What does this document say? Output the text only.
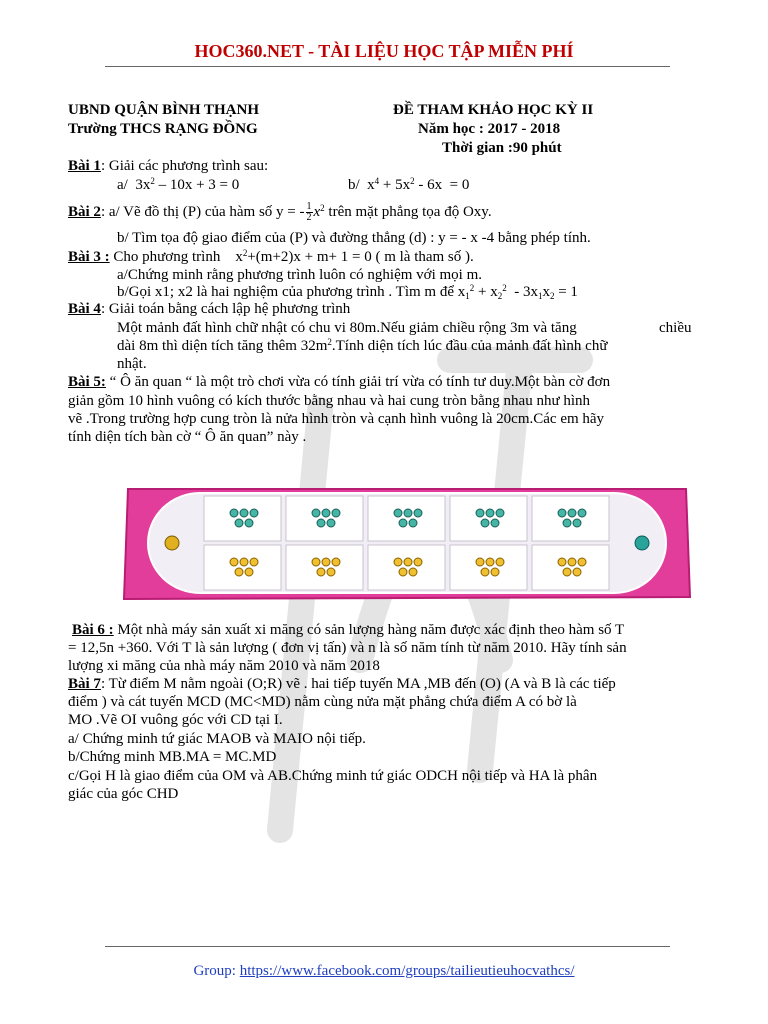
HOC360.NET - TÀI LIỆU HỌC TẬP MIỄN PHÍ
UBND QUẬN BÌNH THẠNH
Trường THCS RẠNG ĐỒNG
ĐỀ THAM KHẢO HỌC KỲ II
Năm học : 2017 - 2018
Thời gian :90 phút
Bài 1: Giải các phương trình sau:
a/  $3x^2 - 10x + 3 = 0$	b/  $x^4 + 5x^2 - 6x = 0$
Bài 2: a/ Vẽ đồ thị (P) của hàm số y = - $\frac{1}{2} x^2$ trên mặt phẳng tọa độ Oxy.
b/ Tìm tọa độ giao điểm của (P) và đường thẳng (d) : y = - x -4 bằng phép tính.
Bài 3 : Cho phương trình    $x^2+(m+2)x + m+ 1 = 0$ ( m là tham số ).
a/Chứng minh rằng phương trình luôn có nghiệm với mọi m.
b/Gọi x1; x2 là hai nghiệm của phương trình . Tìm m để $x_1^2 + x_2^2 - 3x_1x_2 = 1$
Bài 4: Giải toán bằng cách lập hệ phương trình
Một mảnh đất hình chữ nhật có chu vi 80m.Nếu giảm chiều rộng 3m và tăng	chiều
dài 8m thì diện tích tăng thêm $32m^2.Tính$ diện tích lúc đầu của mảnh đất hình chữ
nhật.
Bài 5: “ Ô ăn quan “ là một trò chơi vừa có tính giải trí vừa có tính tư duy.Một bàn cờ đơn
giản gồm 10 hình vuông có kích thước bằng nhau và hai cung tròn bằng nhau như hình
vẽ .Trong trường hợp cung tròn là nửa hình tròn và cạnh hình vuông là 20cm.Các em hãy
tính diện tích bàn cờ “ Ô ăn quan” này .
Bài 6 : Một nhà máy sản xuất xi măng có sản lượng hàng năm được xác định theo hàm số T
= 12,5n +360. Với T là sản lượng ( đơn vị tấn) và n là số năm tính từ năm 2010. Hãy tính sản
lượng xi măng của nhà máy năm 2010 và năm 2018
Bài 7: Từ điểm M nằm ngoài (O;R) vẽ . hai tiếp tuyến MA ,MB đến (O) (A và B là các tiếp
điểm ) và cát tuyến MCD (MC<MD) nằm cùng nửa mặt phẳng chứa điểm A có bờ là
MO .Vẽ OI vuông góc với CD tại I.
a/ Chứng minh tứ giác MAOB và MAIO nội tiếp.
b/Chứng minh MB.MA = MC.MD
c/Gọi H là giao điểm của OM và AB.Chứng minh tứ giác ODCH nội tiếp và HA là phân
giác của góc CHD
Group: https://www.facebook.com/groups/tailieutieuhocvathcs/
